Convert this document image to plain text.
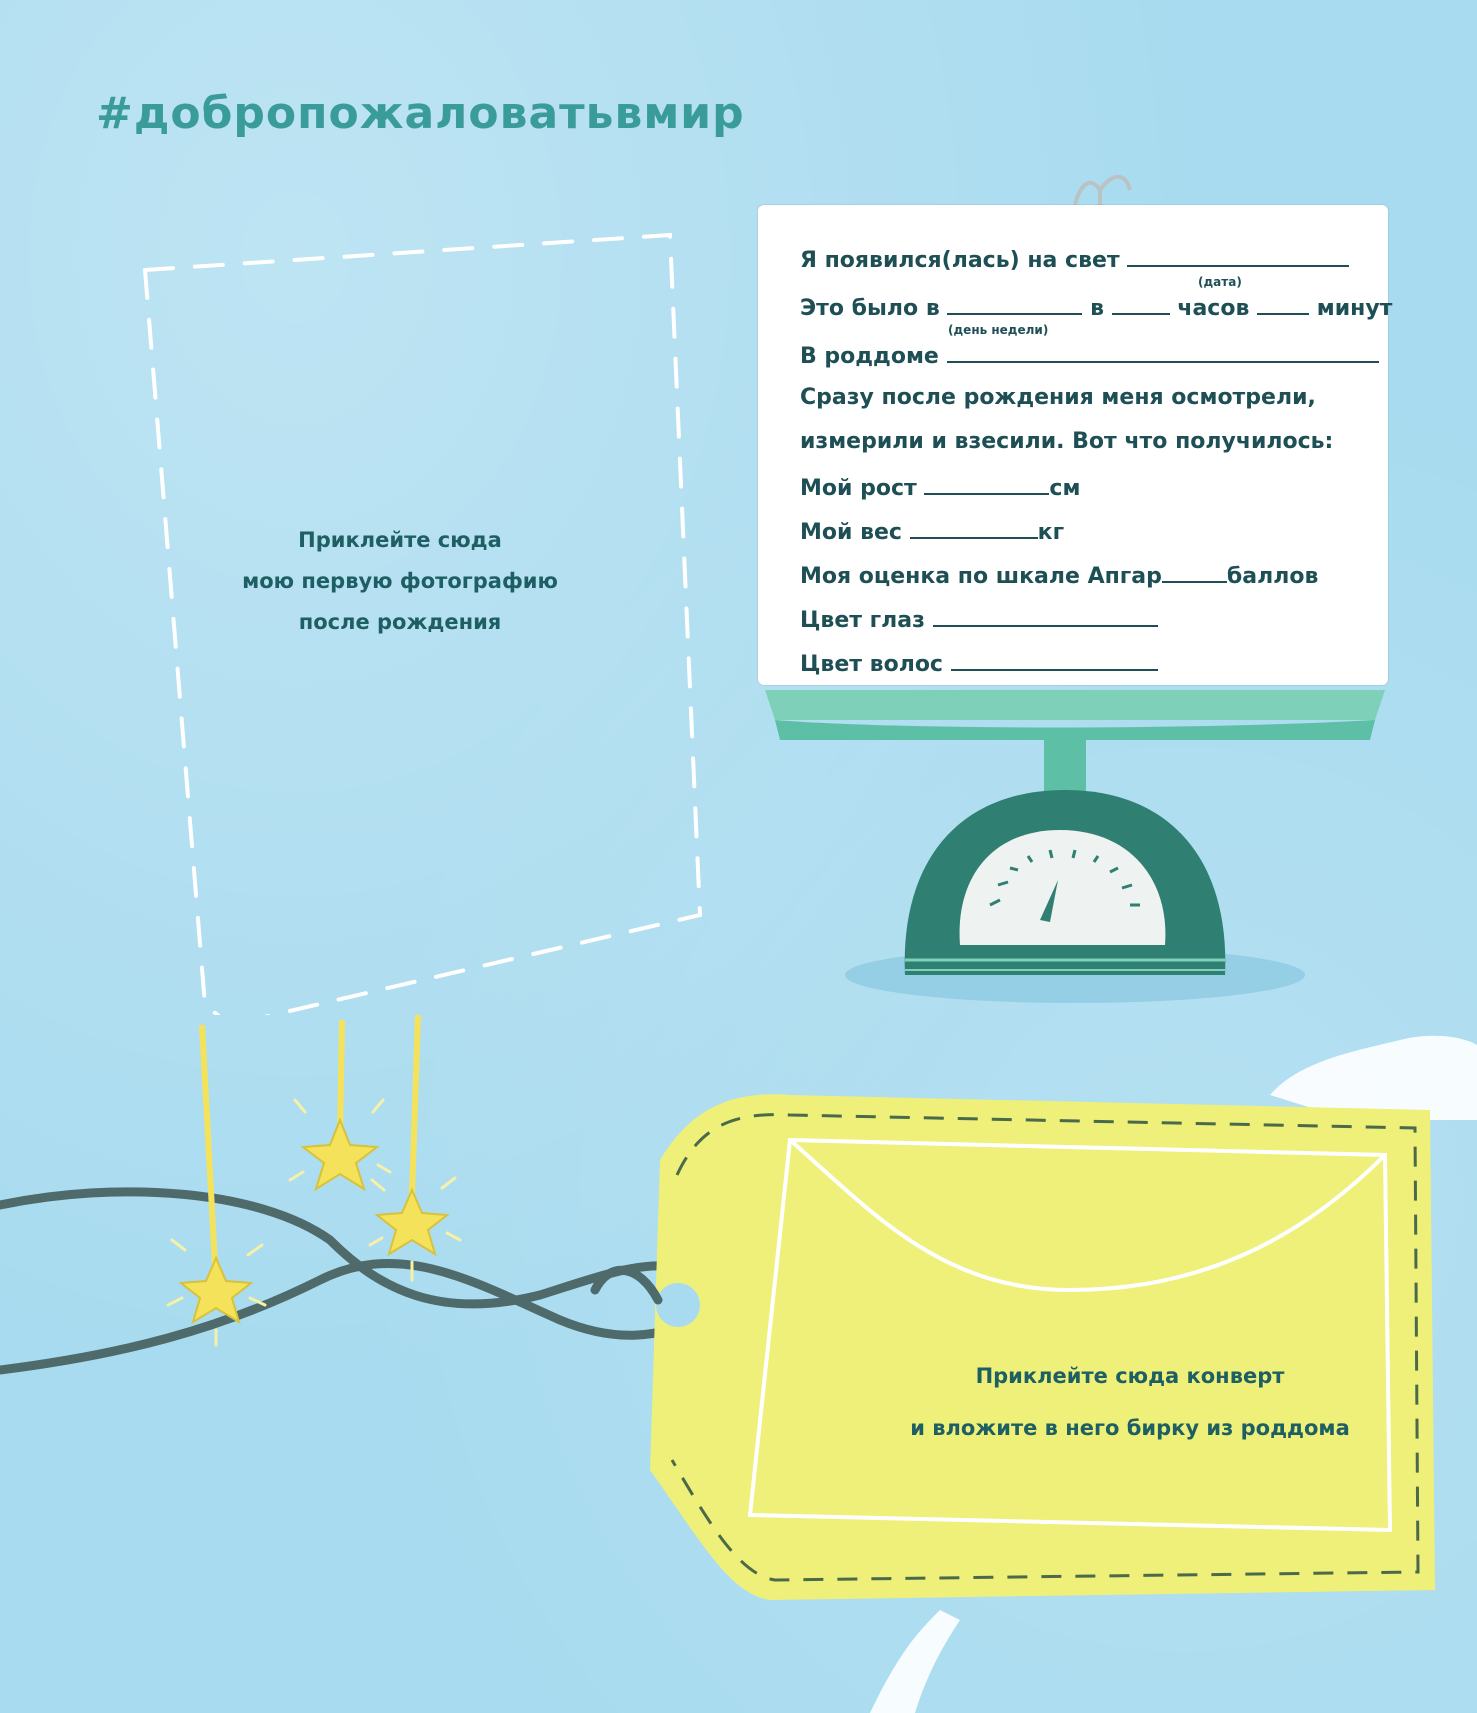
#добропожаловатьвмир
Приклейте сюда
мою первую фотографию
после рождения
Я появился(лась) на свет
(дата)
Это было в	в	часов	минут
(день недели)
В роддоме
Сразу после рождения меня осмотрели,
измерили и взесили. Вот что получилось:
Мой рост	см
Мой вес	кг
Моя оценка по шкале Апгар	баллов
Цвет глаз
Цвет волос
Приклейте сюда конверт
и вложите в него бирку из роддома
